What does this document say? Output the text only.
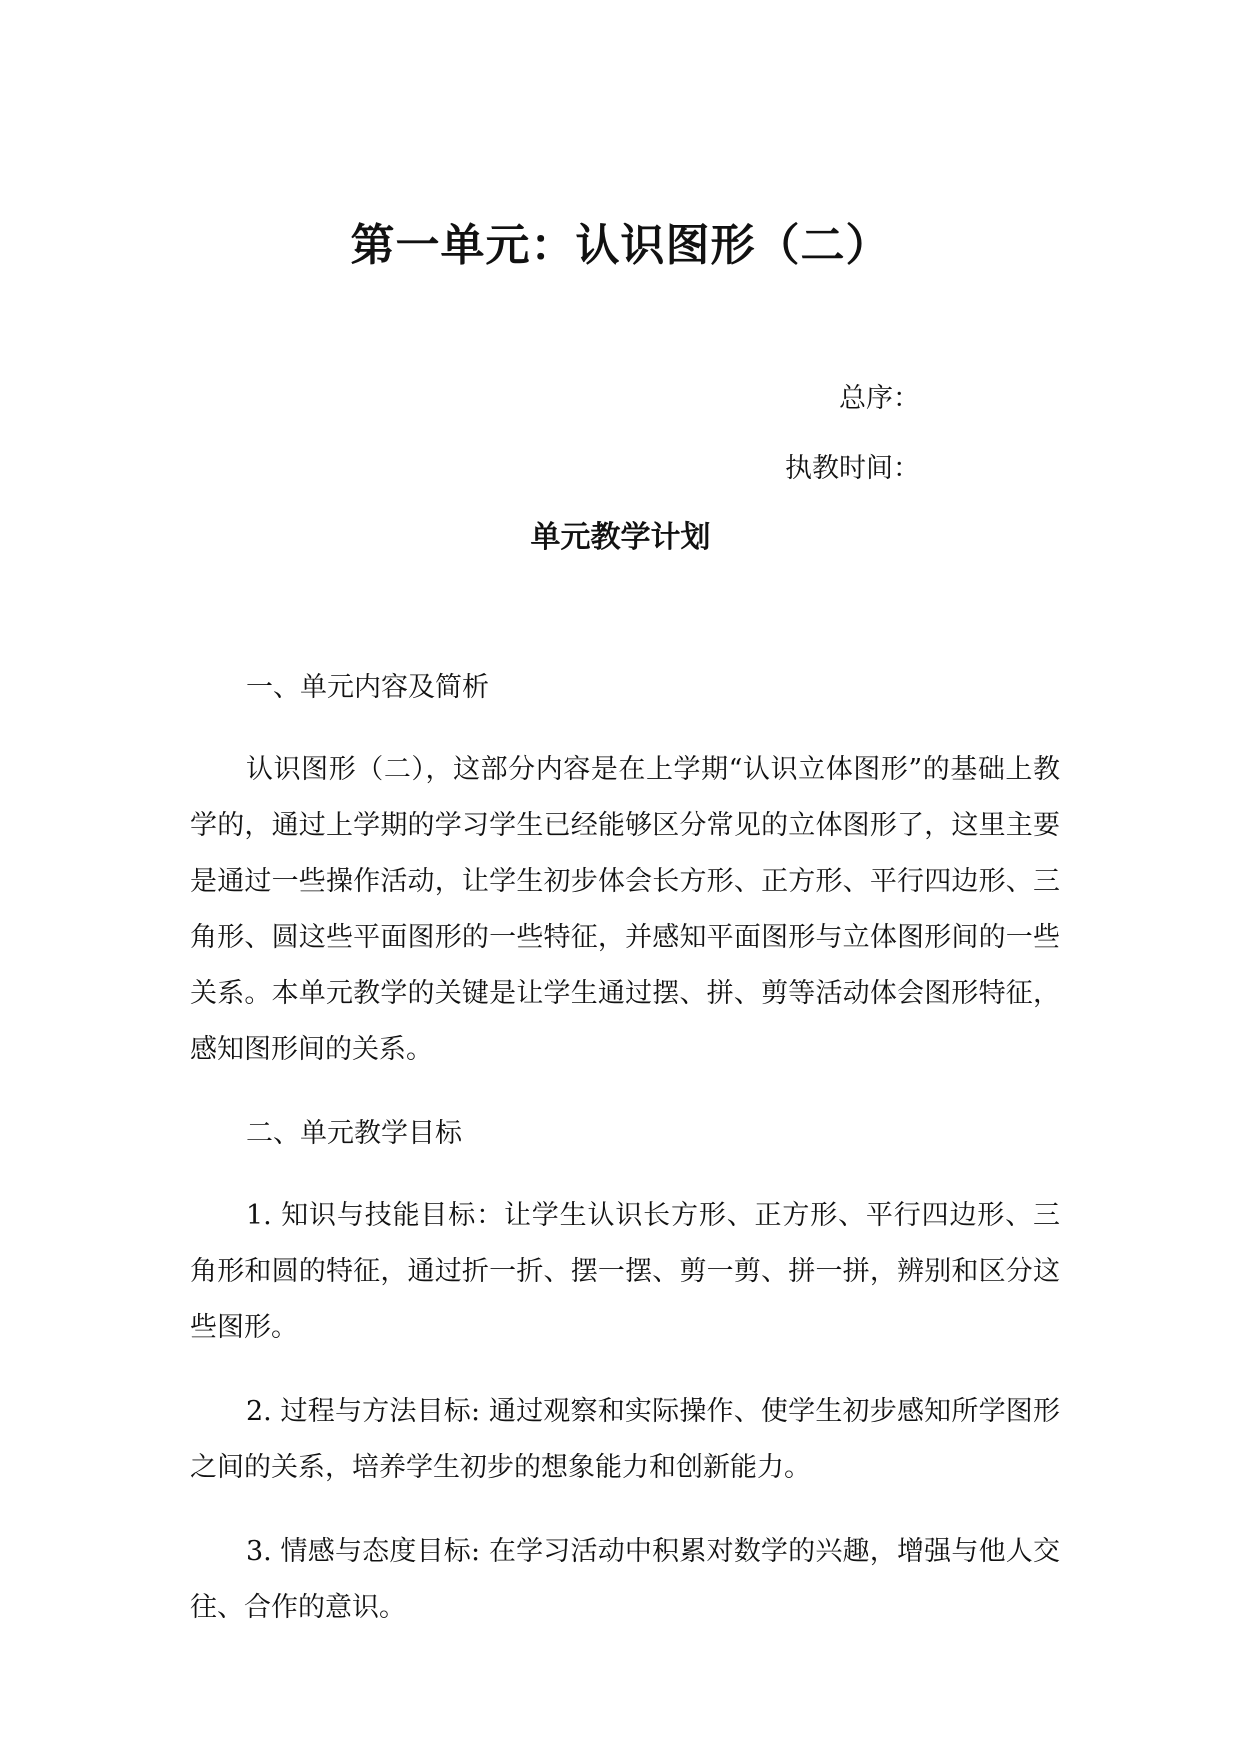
第一单元：认识图形（二）
总序：
执教时间：
单元教学计划

一、单元内容及简析

认识图形（二），这部分内容是在上学期“认识立体图形”的基础上教学的，通过上学期的学习学生已经能够区分常见的立体图形了，这里主要是通过一些操作活动，让学生初步体会长方形、正方形、平行四边形、三角形、圆这些平面图形的一些特征，并感知平面图形与立体图形间的一些关系。本单元教学的关键是让学生通过摆、拼、剪等活动体会图形特征，感知图形间的关系。

二、单元教学目标

1. 知识与技能目标：让学生认识长方形、正方形、平行四边形、三角形和圆的特征，通过折一折、摆一摆、剪一剪、拼一拼，辨别和区分这些图形。

2. 过程与方法目标: 通过观察和实际操作、使学生初步感知所学图形之间的关系，培养学生初步的想象能力和创新能力。

3. 情感与态度目标: 在学习活动中积累对数学的兴趣，增强与他人交往、合作的意识。
